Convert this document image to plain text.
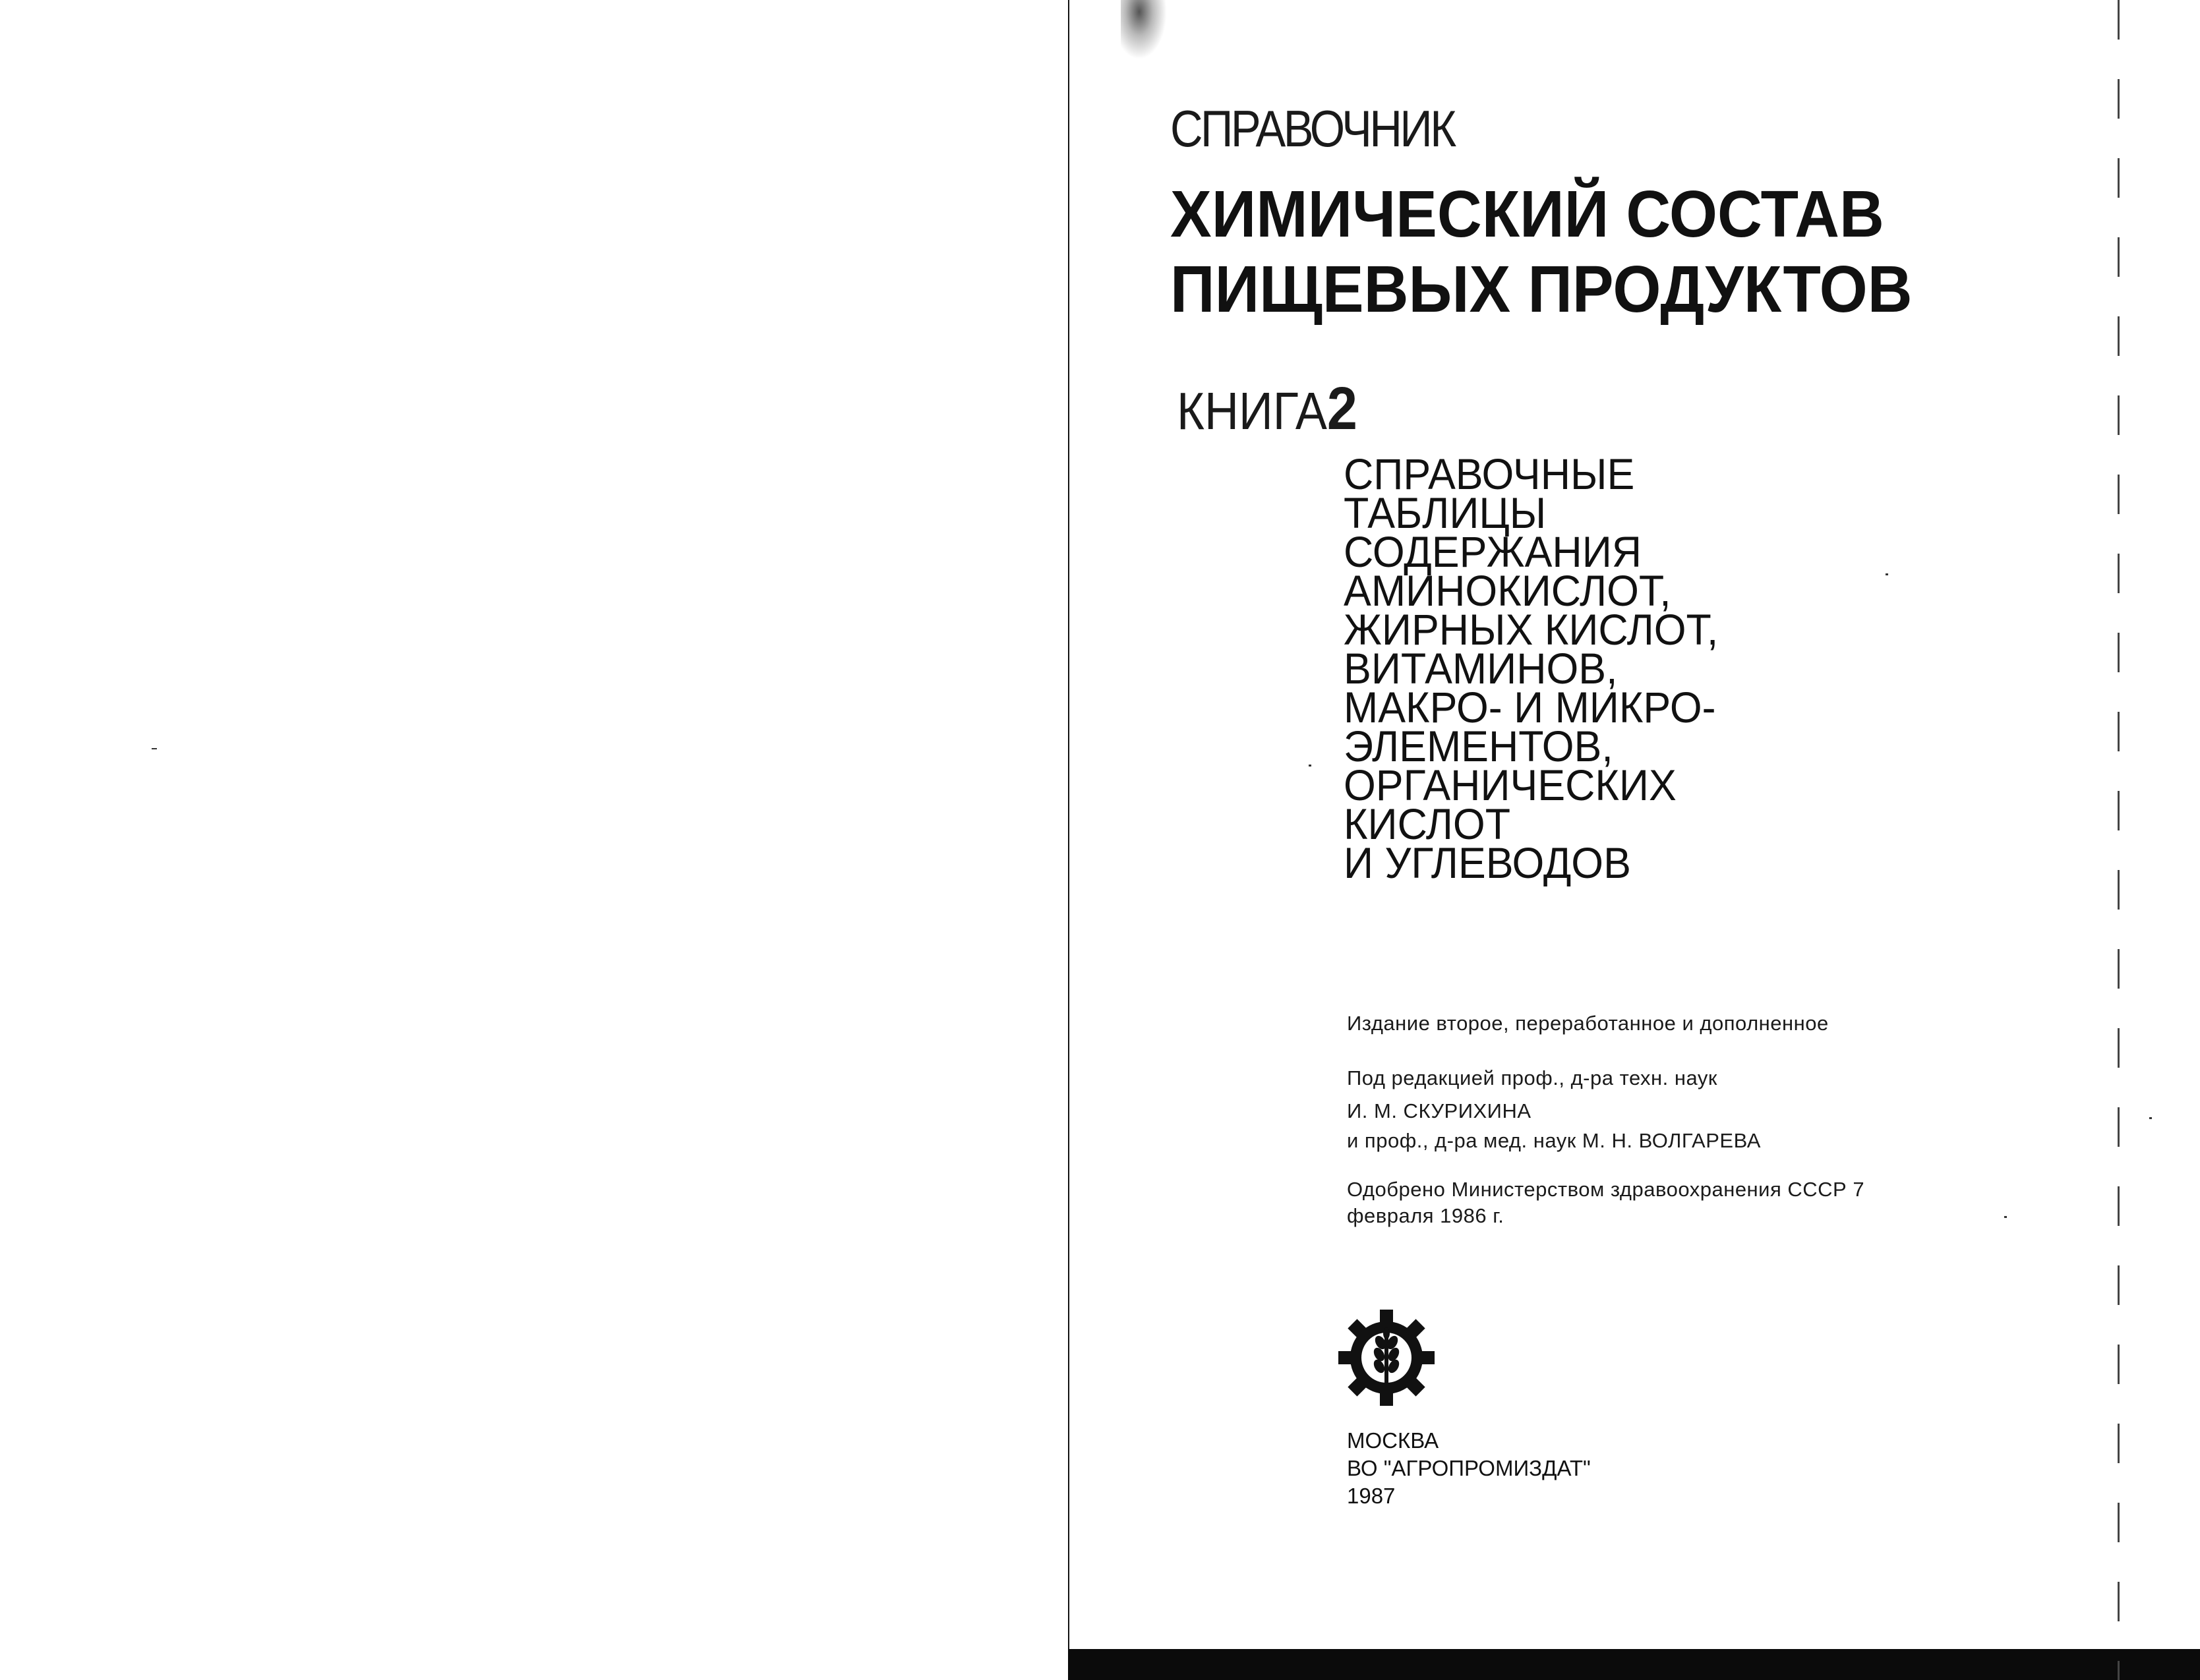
СПРАВОЧНИК
ХИМИЧЕСКИЙ СОСТАВ
ПИЩЕВЫХ ПРОДУКТОВ
КНИГА2
СПРАВОЧНЫЕ
ТАБЛИЦЫ
СОДЕРЖАНИЯ
АМИНОКИСЛОТ,
ЖИРНЫХ КИСЛОТ,
ВИТАМИНОВ,
МАКРО- И МИКРО-
ЭЛЕМЕНТОВ,
ОРГАНИЧЕСКИХ
КИСЛОТ
И УГЛЕВОДОВ
Издание второе, переработанное и дополненное
Под редакцией проф., д-ра техн. наук
И. М. СКУРИХИНА
и проф., д-ра мед. наук М. Н. ВОЛГАРЕВА
Одобрено Министерством здравоохранения СССР 7 февраля 1986 г.
МОСКВА
ВО "АГРОПРОМИЗДАТ"
1987
